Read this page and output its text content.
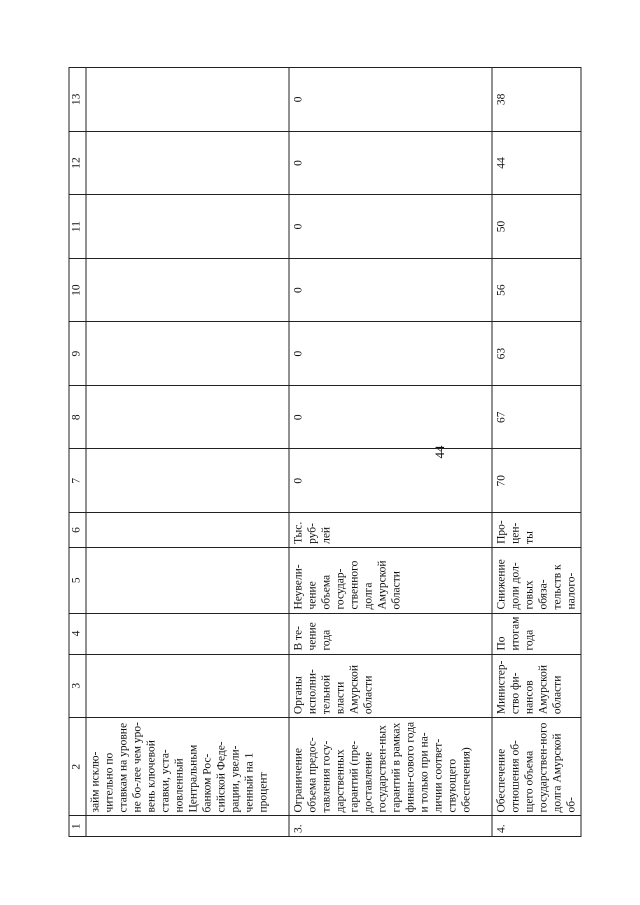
44
1	2	3	4	5	6	7	8	9	10	11	12	13
	займ исклю-чительно по ставкам на уровне не бо-лее чем уро-вень ключевой ставки, уста-новленный Центральным банком Рос-сийской Феде-рации, увели-ченный на 1 процент											
3.	Ограничение объема предос-тавления госу-дарственных гарантий (пре-доставление государствен-ных гарантий в рамках финан-сового года и только при на-личии соответ-ствующего обеспечения)	Органы исполни-тельной власти Амурской области	В те-чение года	Неувели-чение объема государ-ственного долга Амурской области	Тыс. руб-лей	0	0	0	0	0	0	0
4.	Обеспечение отношения об-щего объема государствен-ного долга Амурской об-	Министер-ство фи-нансов Амурской области	По итогам года	Снижение доли дол-говых обяза-тельств к налого-	Про-цен-ты	70	67	63	56	50	44	38
